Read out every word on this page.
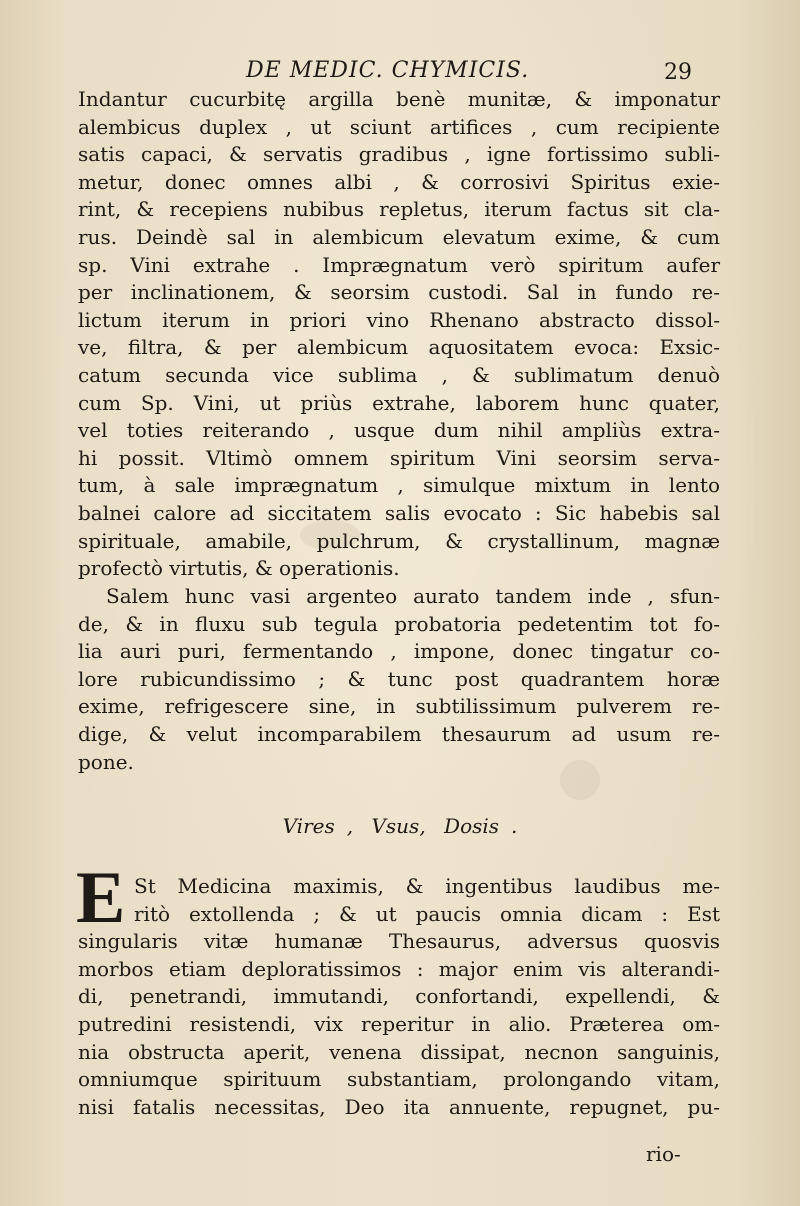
DE MEDIC. CHYMICIS.	29
Indantur cucurbitę argilla benè munitæ, & imponatur
alembicus duplex , ut sciunt artifices , cum recipiente
satis capaci, & servatis gradibus , igne fortissimo subli-
metur, donec omnes albi , & corrosivi Spiritus exie-
rint, & recepiens nubibus repletus, iterum factus sit cla-
rus. Deindè sal in alembicum elevatum exime, & cum
sp. Vini extrahe . Imprægnatum verò spiritum aufer
per inclinationem, & seorsim custodi. Sal in fundo re-
lictum iterum in priori vino Rhenano abstracto dissol-
ve, filtra, & per alembicum aquositatem evoca: Exsic-
catum secunda vice sublima , & sublimatum denuò
cum Sp. Vini, ut priùs extrahe, laborem hunc quater,
vel toties reiterando , usque dum nihil ampliùs extra-
hi possit. Vltimò omnem spiritum Vini seorsim serva-
tum, à sale imprægnatum , simulque mixtum in lento
balnei calore ad siccitatem salis evocato : Sic habebis sal
spirituale, amabile, pulchrum, & crystallinum, magnæ
profectò virtutis, & operationis.
Salem hunc vasi argenteo aurato tandem inde , sfun-
de, & in fluxu sub tegula probatoria pedetentim tot fo-
lia auri puri, fermentando , impone, donec tingatur co-
lore rubicundissimo ; & tunc post quadrantem horæ
exime, refrigescere sine, in subtilissimum pulverem re-
dige, & velut incomparabilem thesaurum ad usum re-
pone.
Vires , Vsus, Dosis .
E St Medicina maximis, & ingentibus laudibus me-
ritò extollenda ; & ut paucis omnia dicam : Est
singularis vitæ humanæ Thesaurus, adversus quosvis
morbos etiam deploratissimos : major enim vis alterandi-
di, penetrandi, immutandi, confortandi, expellendi, &
putredini resistendi, vix reperitur in alio. Præterea om-
nia obstructa aperit, venena dissipat, necnon sanguinis,
omniumque spirituum substantiam, prolongando vitam,
nisi fatalis necessitas, Deo ita annuente, repugnet, pu-
rio-
